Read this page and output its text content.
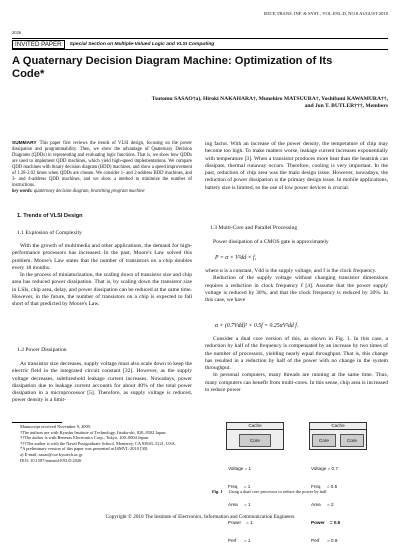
IEICE TRANS. INF. & SYST., VOL.E93–D, NO.8 AUGUST 2010
2026
INVITED PAPER	Special Section on Multiple-Valued Logic and VLSI Computing
A Quaternary Decision Diagram Machine: Optimization of Its
Code*
Tsutomu SASAO†a), Hiroki NAKAHARA†, Munehiro MATSUURA†, Yoshifumi KAWAMURA††,
and Jon T. BUTLER†††, Members
SUMMARY This paper first reviews the trends of VLSI design, focusing on the power dissipation and programmability. Then, we show the advantage of Quaternary Decision Diagrams (QDDs) in representing and evaluating logic functions. That is, we show how QDDs are used to implement QDD machines, which yield high-speed implementations. We compare QDD machines with binary decision diagram (BDD) machines, and show a speed improvement of 1.28-2.02 times when QDDs are chosen. We consider 1- and 2-address BDD machines, and 3- and 4-address QDD machines, and we show a method to minimize the number of instructions.
key words: quaternary decision diagram, branching program machine
1. Trends of VLSI Design
1.1 Explosion of Complexity

With the growth of multimedia and other applications, the demand for high-performance processors has increased. In the past, Moore's Law solved this problem. Moore's Law states that the number of transistors on a chip doubles every 18 months.

In the process of miniaturization, the scaling down of transistor size and chip area has reduced power dissipation. That is, by scaling down the transistor size in LSIs, chip area, delay, and power dissipation can be reduced at the same time. However, in the future, the number of transistors on a chip is expected to fall short of that predicted by Moore's Law.

1.2 Power Dissipation

As transistor size decreases, supply voltage must also scale down to keep the electric field in the integrated circuit constant [32]. However, as the supply voltage decreases, subthreshold leakage current increases. Nowadays, power dissipation due to leakage current accounts for about 40% of the total power dissipation in a microprocessor [5]. Therefore, as supply voltage is reduced, power density is a limit-

Manuscript received November 9, 2009.
†The authors are with Kyushu Institute of Technology, Iizuka-shi, 820–8502 Japan.
††The author is with Renesas Electronics Corp., Tokyo, 100–0004 Japan.
†††The author is with the Naval Postgraduate School, Monterey, CA 93943–5121, USA.
*A preliminary version of this paper was presented at ISMVL-2010 [30].
a) E-mail: sasao@cse.kyutech.ac.jp
DOI: 10.1587/transinf.E93.D.2026

ing factor. With an increase of the power density, the temperature of chip may become too high. To make matters worse, leakage current increases exponentially with temperature [3]. When a transistor produces more heat than the heatsink can dissipate, thermal runaway occurs. Therefore, cooling is very important. In the past, reduction of chip area was the main design issue. However, nowadays, the reduction of power dissipation is the primary design issue. In mobile applications, battery size is limited, so the use of low power devices is crucial.

1.3 Multi-Core and Parallel Processing

Power dissipation of a CMOS gate is approximately

P = α × V²dd × f,

where α is a constant, Vdd is the supply voltage, and f is the clock frequency.

Reduction of the supply voltage without changing transistor dimensions requires a reduction in clock frequency f [4]. Assume that the power supply voltage is reduced by 30%, and that the clock frequency is reduced by 30%. In this case, we have

α × (0.7Vdd)² × 0.5f = 0.25αV²dd f.

Consider a dual core version of this, as shown in Fig. 1. In this case, a reduction by half of the frequency is compensated by an increase by two times of the number of processors, yielding nearly equal throughput. That is, this change has resulted in a reduction by half of the power with no change in the system throughput.

In personal computers, many threads are running at the same time. Thus, many computers can benefit from multi-cores. In this sense, chip area is increased to reduce power

Cache
Core
Cache
Core	Core

Voltage = 1

Freq     = 1

Area     = 1

Power    = 1

Perf      = 1

Voltage = 0.7

Freq     = 0.5

Area     = 2

Power    = 0.5

Perf      = 0.9

Fig. 1 Using a dual core processor to reduce the power by half.
Copyright © 2010 The Institute of Electronics, Information and Communication Engineers
